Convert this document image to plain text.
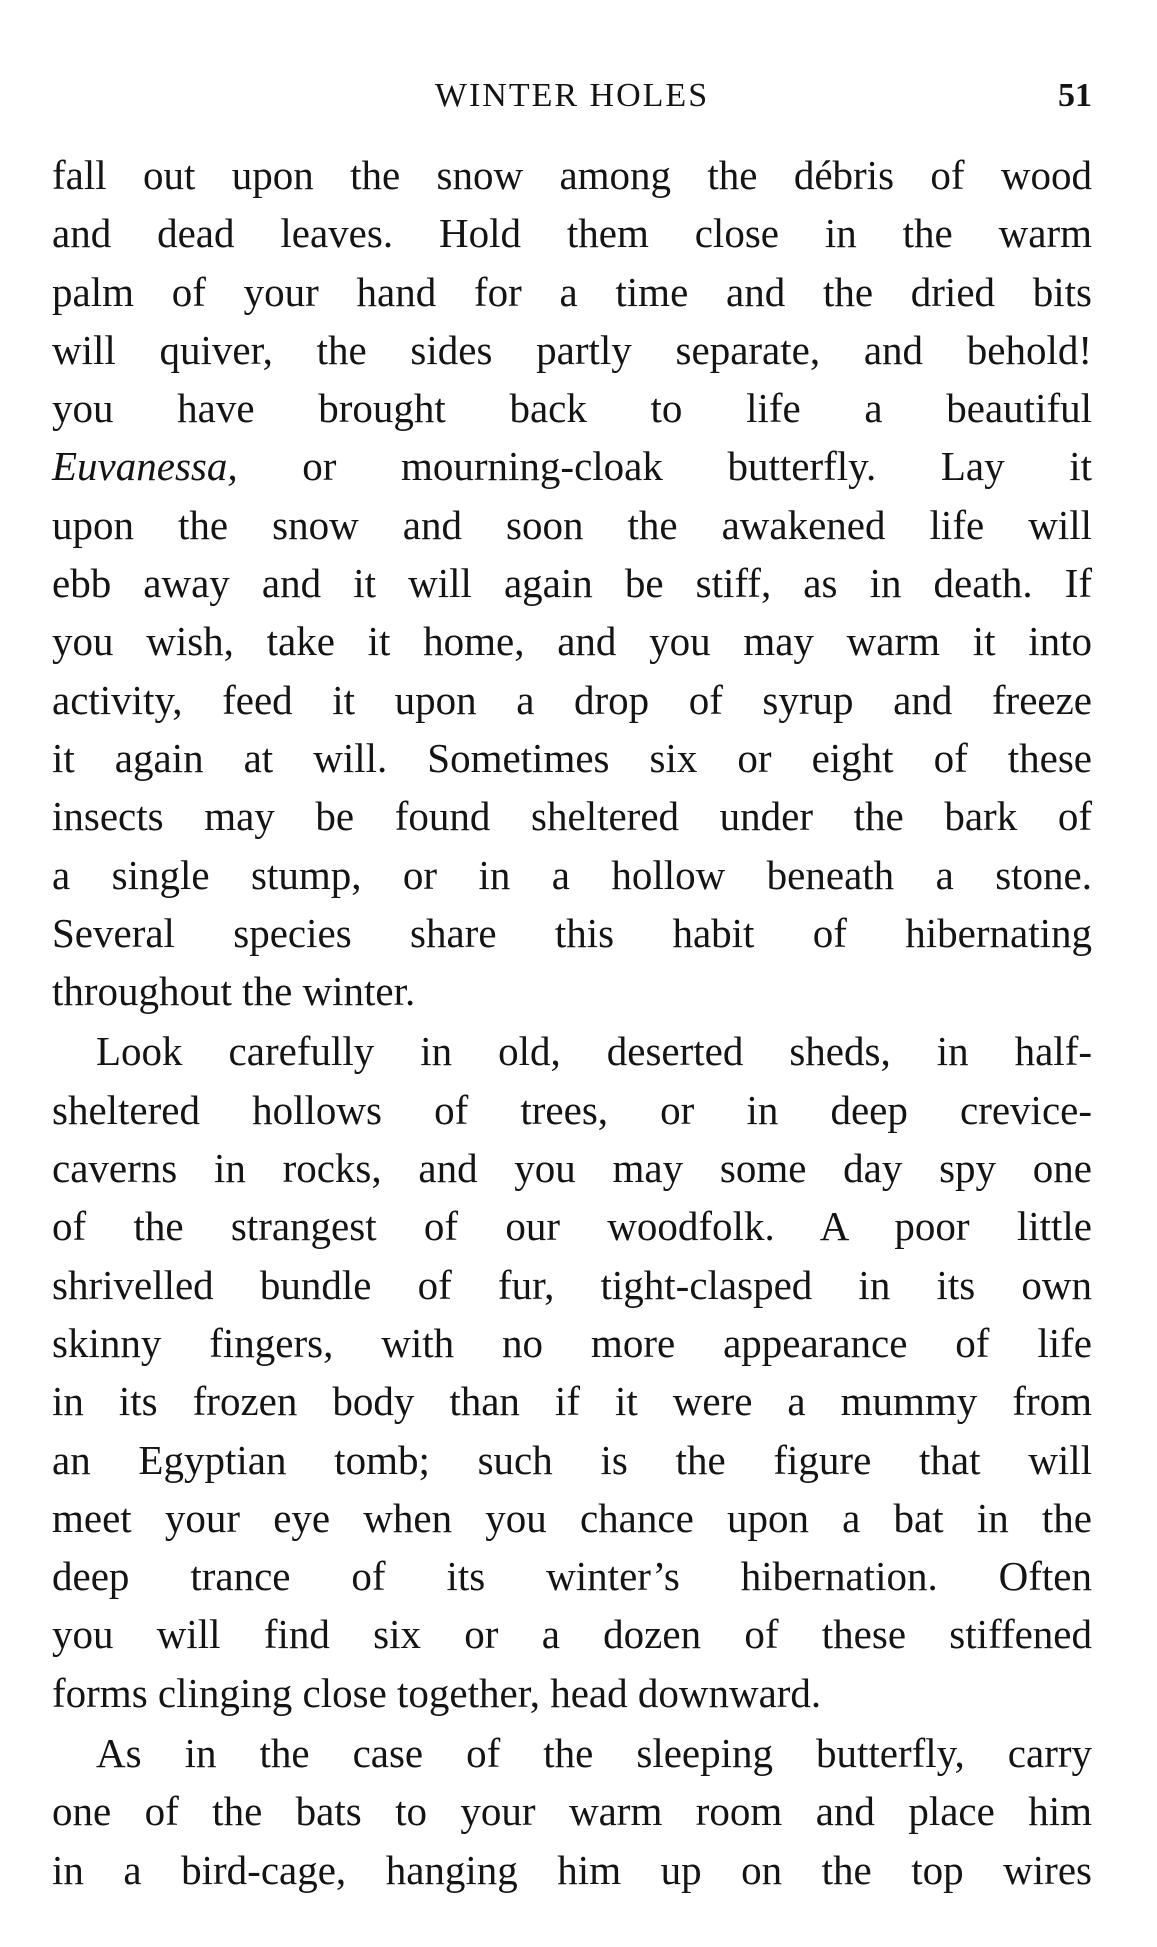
WINTER HOLES	51
fall out upon the snow among the débris of wood
and dead leaves. Hold them close in the warm
palm of your hand for a time and the dried bits
will quiver, the sides partly separate, and behold!
you have brought back to life a beautiful
Euvanessa, or mourning-cloak butterfly. Lay it
upon the snow and soon the awakened life will
ebb away and it will again be stiff, as in death. If
you wish, take it home, and you may warm it into
activity, feed it upon a drop of syrup and freeze
it again at will. Sometimes six or eight of these
insects may be found sheltered under the bark of
a single stump, or in a hollow beneath a stone.
Several species share this habit of hibernating
throughout the winter.
Look carefully in old, deserted sheds, in half-
sheltered hollows of trees, or in deep crevice-
caverns in rocks, and you may some day spy one
of the strangest of our woodfolk. A poor little
shrivelled bundle of fur, tight-clasped in its own
skinny fingers, with no more appearance of life
in its frozen body than if it were a mummy from
an Egyptian tomb; such is the figure that will
meet your eye when you chance upon a bat in the
deep trance of its winter’s hibernation. Often
you will find six or a dozen of these stiffened
forms clinging close together, head downward.
As in the case of the sleeping butterfly, carry
one of the bats to your warm room and place him
in a bird-cage, hanging him up on the top wires
